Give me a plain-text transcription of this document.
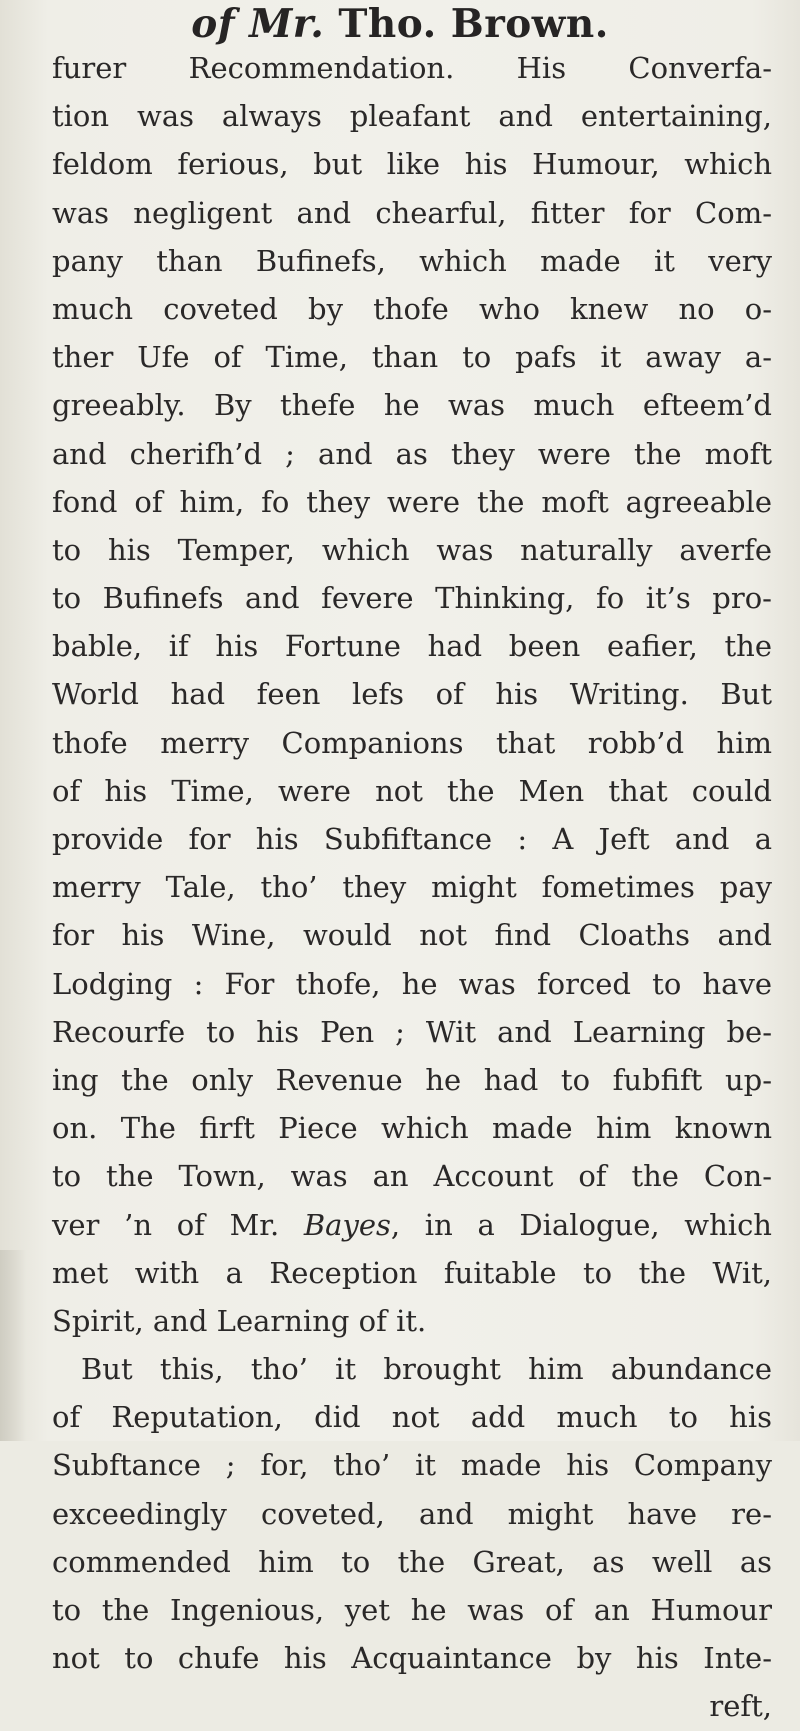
of Mr. Tho. Brown.
furer Recommendation. His Converfa-
tion was always pleafant and entertaining,
feldom ferious, but like his Humour, which
was negligent and chearful, fitter for Com-
pany than Bufinefs, which made it very
much coveted by thofe who knew no o-
ther Ufe of Time, than to pafs it away a-
greeably. By thefe he was much efteem’d
and cherifh’d ; and as they were the moft
fond of him, fo they were the moft agreeable
to his Temper, which was naturally averfe
to Bufinefs and fevere Thinking, fo it’s pro-
bable, if his Fortune had been eafier, the
World had feen lefs of his Writing. But
thofe merry Companions that robb’d him
of his Time, were not the Men that could
provide for his Subfiftance : A Jeft and a
merry Tale, tho’ they might fometimes pay
for his Wine, would not find Cloaths and
Lodging : For thofe, he was forced to have
Recourfe to his Pen ; Wit and Learning be-
ing the only Revenue he had to fubfift up-
on. The firft Piece which made him known
to the Town, was an Account of the Con-
ver ’n of Mr. Bayes, in a Dialogue, which
met with a Reception fuitable to the Wit,
Spirit, and Learning of it.
But this, tho’ it brought him abundance
of Reputation, did not add much to his
Subftance ; for, tho’ it made his Company
exceedingly coveted, and might have re-
commended him to the Great, as well as
to the Ingenious, yet he was of an Humour
not to chufe his Acquaintance by his Inte-
reft,
